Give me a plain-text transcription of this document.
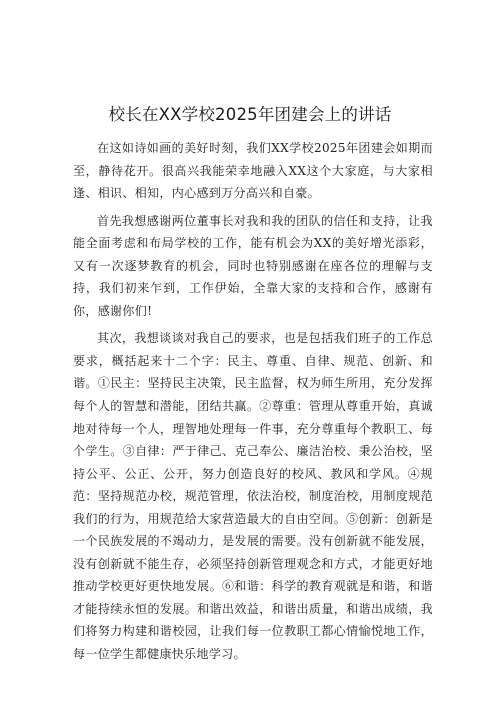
校长在XX学校2025年团建会上的讲话

在这如诗如画的美好时刻，我们XX学校2025年团建会如期而至，静待花开。很高兴我能荣幸地融入XX这个大家庭，与大家相逢、相识、相知，内心感到万分高兴和自豪。

首先我想感谢两位董事长对我和我的团队的信任和支持，让我能全面考虑和布局学校的工作，能有机会为XX的美好增光添彩，又有一次逐梦教育的机会，同时也特别感谢在座各位的理解与支持，我们初来乍到，工作伊始，全靠大家的支持和合作，感谢有你，感谢你们!

其次，我想谈谈对我自己的要求，也是包括我们班子的工作总要求，概括起来十二个字：民主、尊重、自律、规范、创新、和谐。①民主：坚持民主决策，民主监督，权为师生所用，充分发挥每个人的智慧和潜能，团结共赢。②尊重：管理从尊重开始，真诚地对待每一个人，理智地处理每一件事，充分尊重每个教职工、每个学生。③自律：严于律己、克己奉公、廉洁治校、秉公治校，坚持公平、公正、公开，努力创造良好的校风、教风和学风。④规范：坚持规范办校，规范管理，依法治校，制度治校，用制度规范我们的行为，用规范给大家营造最大的自由空间。⑤创新：创新是一个民族发展的不竭动力，是发展的需要。没有创新就不能发展，没有创新就不能生存，必须坚持创新管理观念和方式，才能更好地推动学校更好更快地发展。⑥和谐：科学的教育观就是和谐，和谐才能持续永恒的发展。和谐出效益，和谐出质量，和谐出成绩，我们将努力构建和谐校园，让我们每一位教职工都心情愉悦地工作，每一位学生都健康快乐地学习。
